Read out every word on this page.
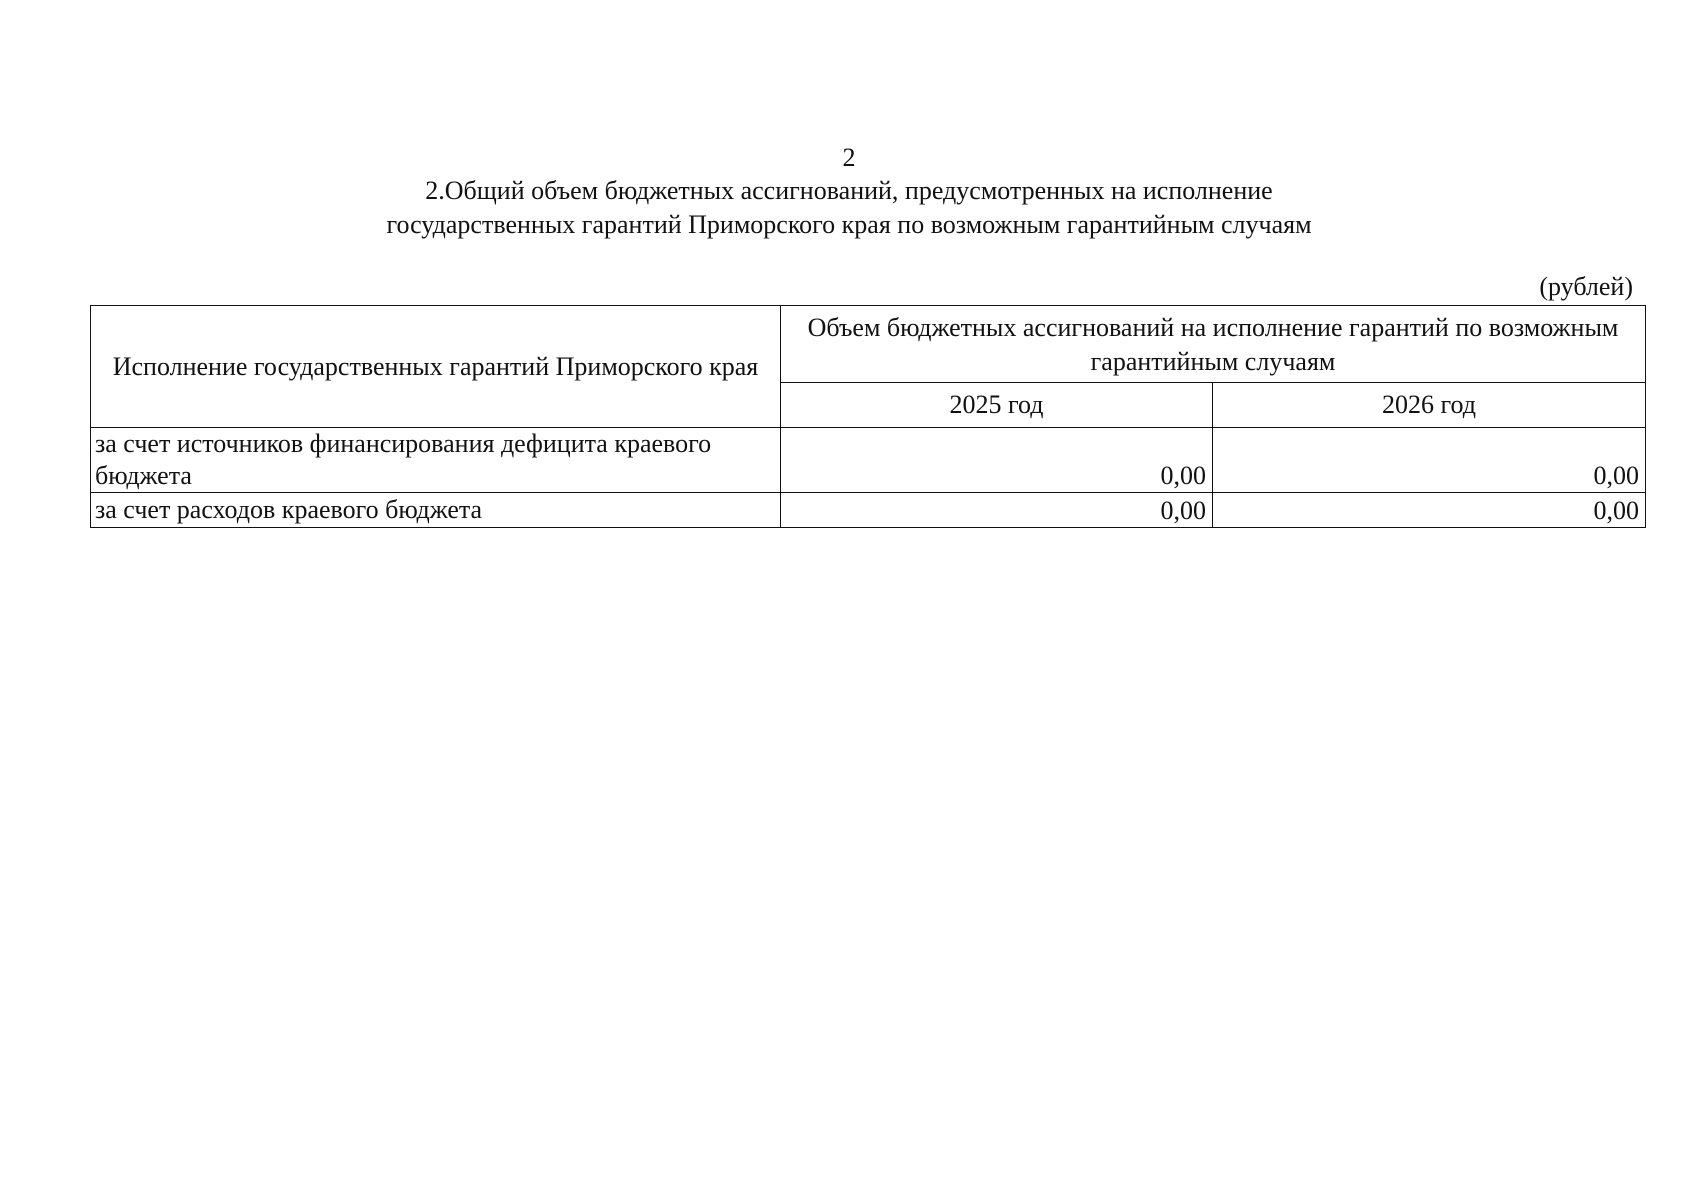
2
2.Общий объем бюджетных ассигнований, предусмотренных на исполнение
государственных гарантий Приморского края по возможным гарантийным случаям
(рублей)
Исполнение государственных гарантий Приморского края	Объем бюджетных ассигнований на исполнение гарантий по возможным гарантийным случаям	
	2025 год	2026 год
за счет источников финансирования дефицита краевого бюджета	0,00	0,00
за счет расходов краевого бюджета	0,00	0,00
